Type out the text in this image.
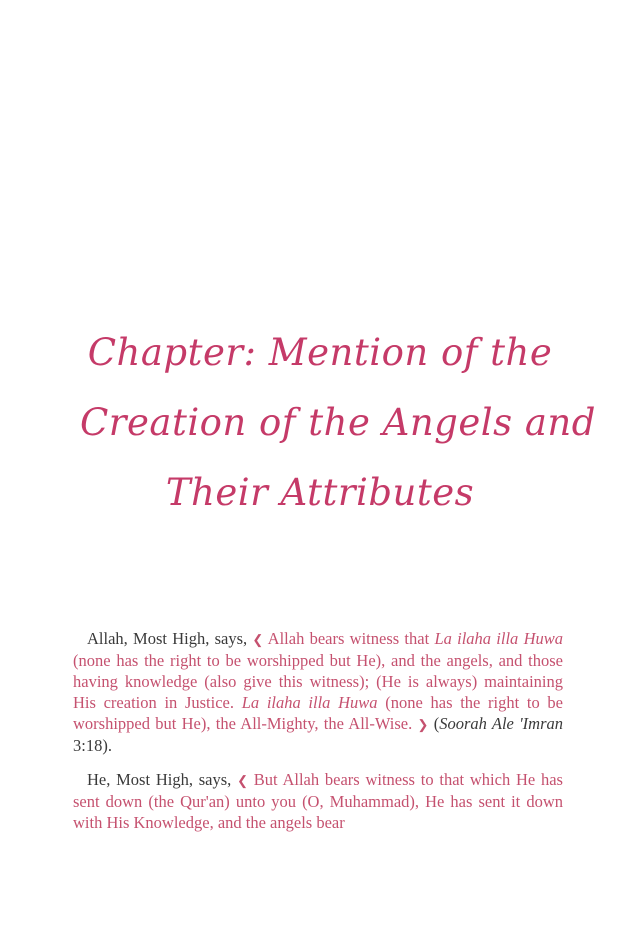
Chapter: Mention of the
Creation of the Angels and
Their Attributes

Allah, Most High, says, ❮ Allah bears witness that La ilaha illa Huwa (none has the right to be worshipped but He), and the angels, and those having knowledge (also give this witness); (He is always) maintaining His creation in Justice. La ilaha illa Huwa (none has the right to be worshipped but He), the All-Mighty, the All-Wise. ❯ (Soorah Ale 'Imran 3:18).

He, Most High, says, ❮ But Allah bears witness to that which He has sent down (the Qur'an) unto you (O, Muhammad), He has sent it down with His Knowledge, and the angels bear
